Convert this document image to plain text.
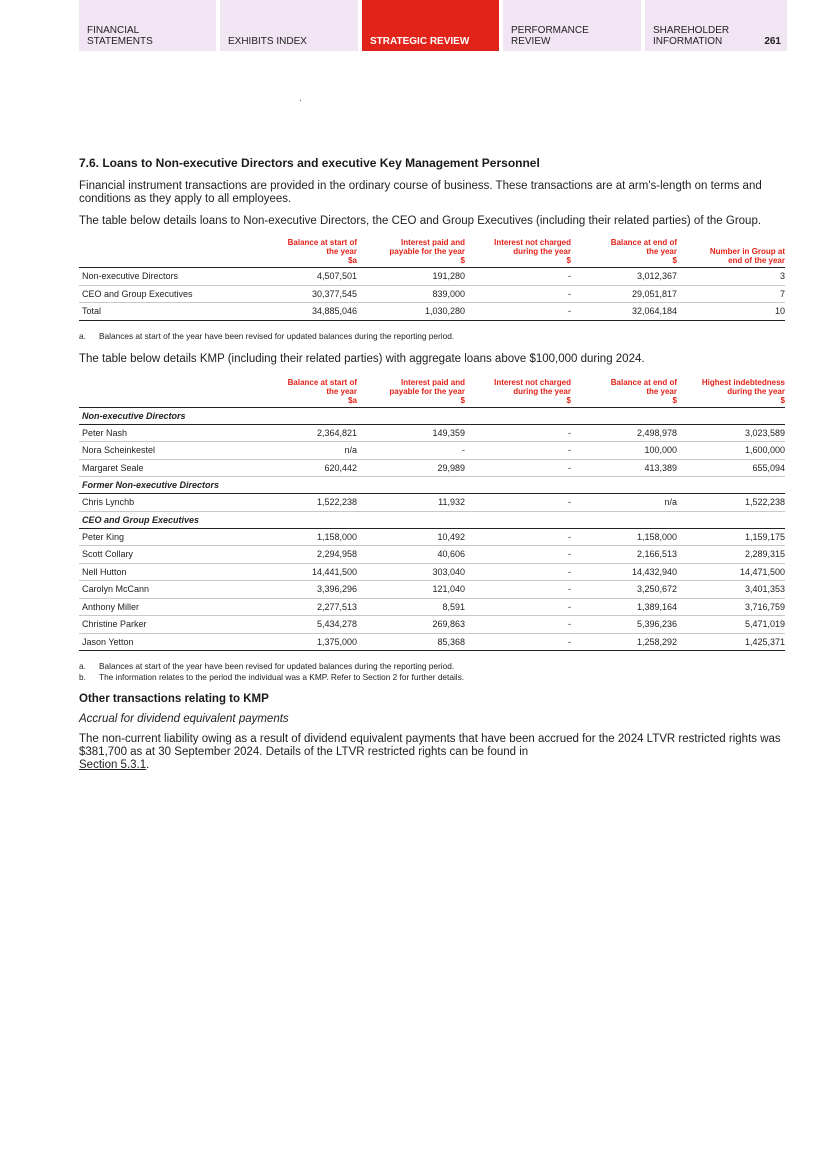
FINANCIAL
STATEMENTS	EXHIBITS INDEX	STRATEGIC REVIEW
PERFORMANCE
REVIEW
SHAREHOLDER
INFORMATION	261
7.6. Loans to Non-executive Directors and executive Key Management Personnel

Financial instrument transactions are provided in the ordinary course of business. These transactions are at arm's-length on terms and conditions as they apply to all employees.

The table below details loans to Non-executive Directors, the CEO and Group Executives (including their related parties) of the Group.

	Balance at start of
the year
$a	Interest paid and
payable for the year
$	Interest not charged
during the year
$	Balance at end of
the year
$	Number in Group at
end of the year
Non-executive Directors	4,507,501	191,280	-	3,012,367	3
CEO and Group Executives	30,377,545	839,000	-	29,051,817	7
Total	34,885,046	1,030,280	-	32,064,184	10
a. Balances at start of the year have been revised for updated balances during the reporting period.

The table below details KMP (including their related parties) with aggregate loans above $100,000 during 2024.

	Balance at start of
the year
$a	Interest paid and
payable for the year
$	Interest not charged
during the year
$	Balance at end of
the year
$	Highest indebtedness
during the year
$
Non-executive Directors					
Peter Nash	2,364,821	149,359	-	2,498,978	3,023,589
Nora Scheinkestel	n/a	-	-	100,000	1,600,000
Margaret Seale	620,442	29,989	-	413,389	655,094
Former Non-executive Directors					
Chris Lynchb	1,522,238	11,932	-	n/a	1,522,238
CEO and Group Executives					
Peter King	1,158,000	10,492	-	1,158,000	1,159,175
Scott Collary	2,294,958	40,606	-	2,166,513	2,289,315
Nell Hutton	14,441,500	303,040	-	14,432,940	14,471,500
Carolyn McCann	3,396,296	121,040	-	3,250,672	3,401,353
Anthony Miller	2,277,513	8,591	-	1,389,164	3,716,759
Christine Parker	5,434,278	269,863	-	5,396,236	5,471,019
Jason Yetton	1,375,000	85,368	-	1,258,292	1,425,371
a. Balances at start of the year have been revised for updated balances during the reporting period.
b. The information relates to the period the individual was a KMP. Refer to Section 2 for further details.
Other transactions relating to KMP

Accrual for dividend equivalent payments

The non-current liability owing as a result of dividend equivalent payments that have been accrued for the 2024 LTVR restricted rights was $381,700 as at 30 September 2024. Details of the LTVR restricted rights can be found in
Section 5.3.1.
